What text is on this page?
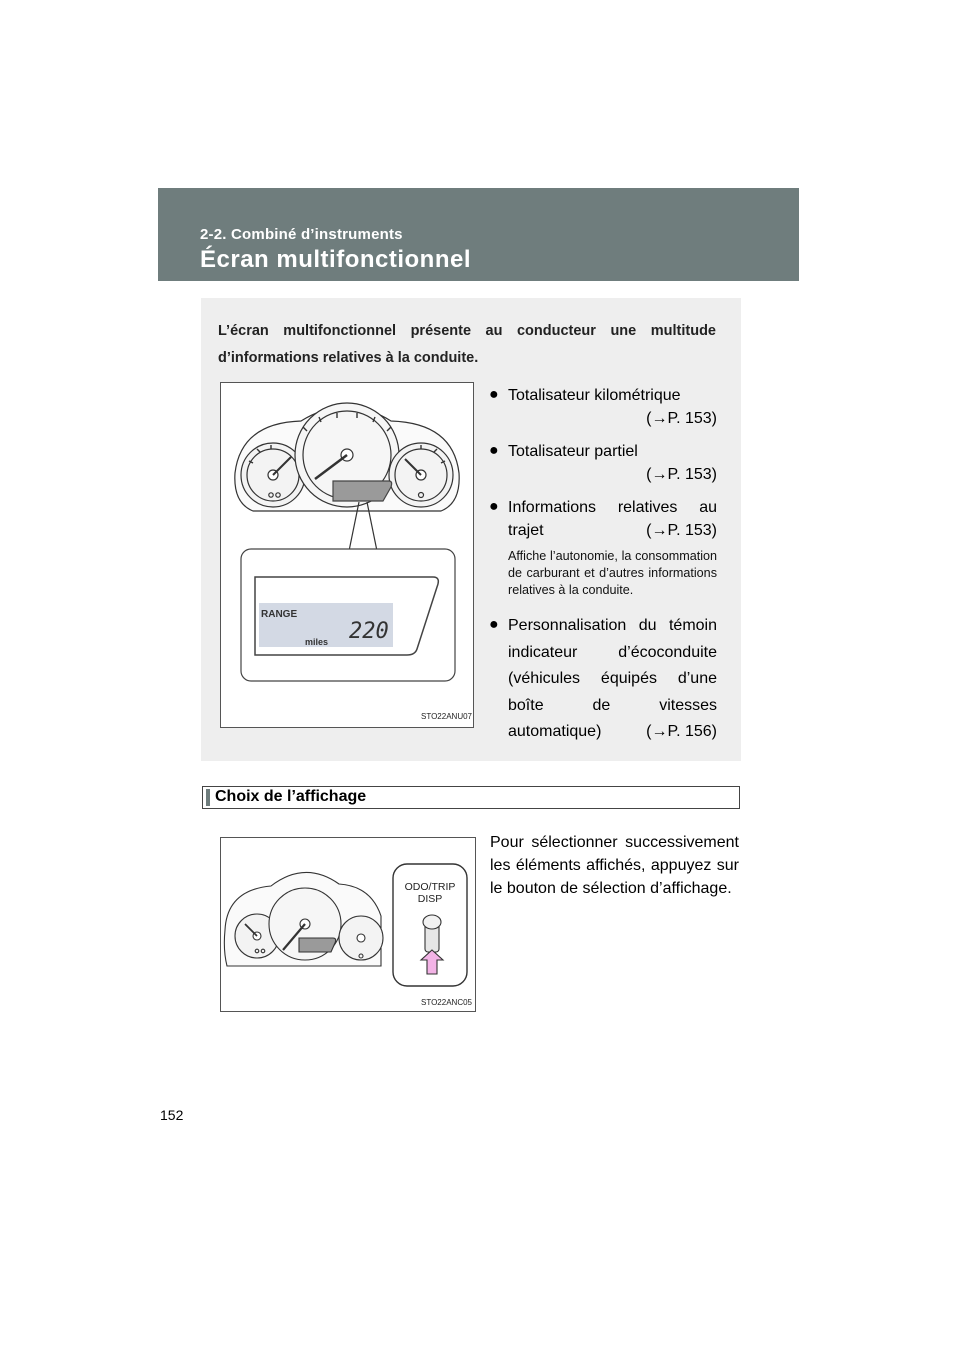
2-2. Combiné d’instruments
Écran multifonctionnel
L’écran multifonctionnel présente au conducteur une multitude d’informations relatives à la conduite.
RANGE
220
miles
STO22ANU07
● Totalisateur kilométrique
(→P. 153)
● Totalisateur partiel
(→P. 153)
● Informations relatives au trajet	(→P. 153)
Affiche l’autonomie, la consommation de carburant et d’autres informations relatives à la conduite.
● Personnalisation du témoin indicateur d’écoconduite (véhicules équipés d’une boîte de vitesses automatique)	(→P. 156)
Choix de l’affichage
ODO/TRIP
DISP
STO22ANC05
Pour sélectionner successivement les éléments affichés, appuyez sur le bouton de sélection d’affichage.
152
